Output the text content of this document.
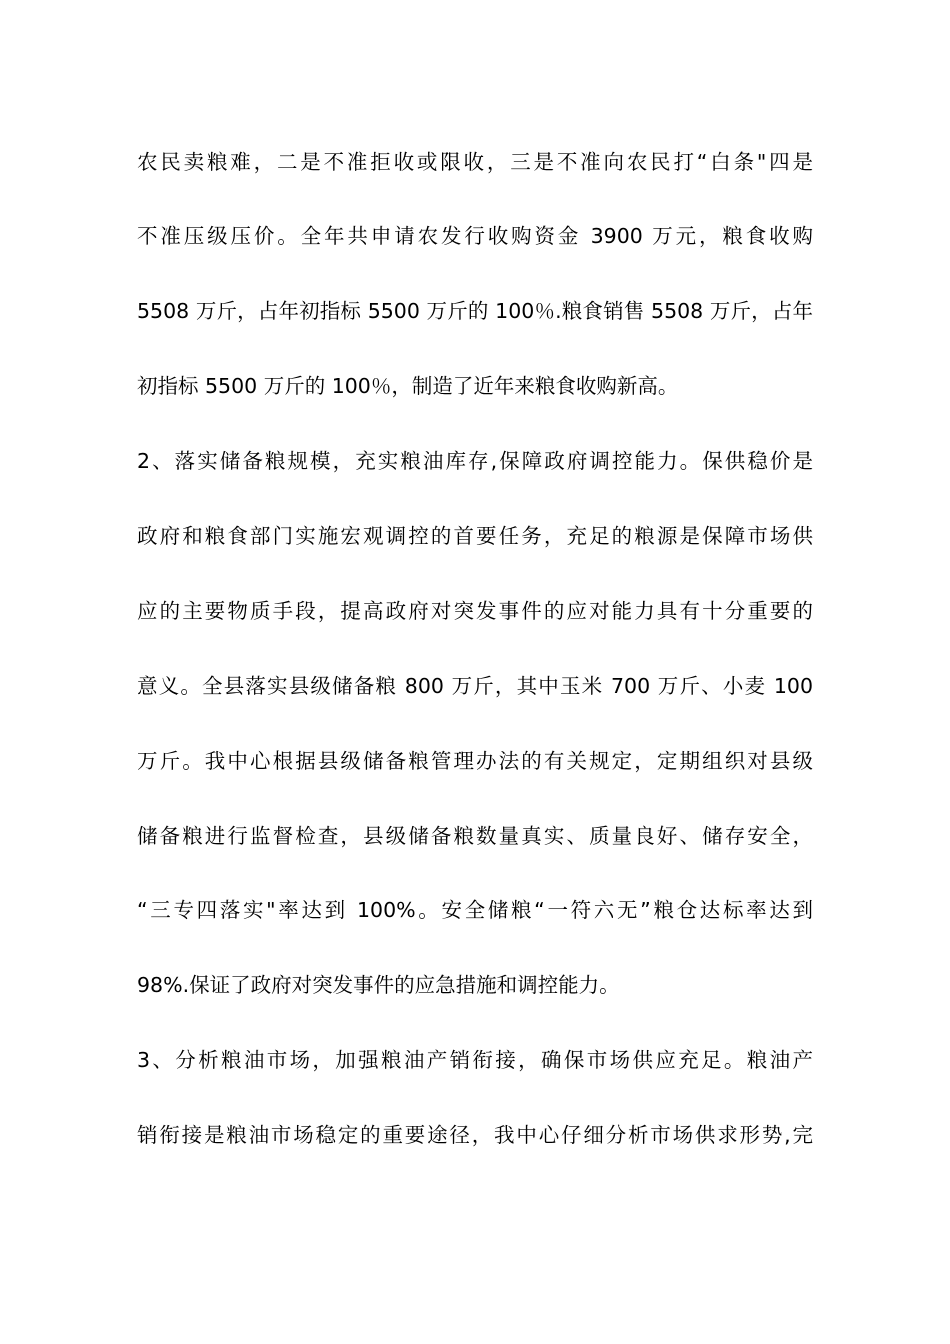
农民卖粮难，二是不准拒收或限收，三是不准向农民打“白条"四是
不准压级压价。全年共申请农发行收购资金 3900 万元，粮食收购
5508 万斤，占年初指标 5500 万斤的 100％.粮食销售 5508 万斤，占年
初指标 5500 万斤的 100％，制造了近年来粮食收购新高。
2、落实储备粮规模，充实粮油库存,保障政府调控能力。保供稳价是
政府和粮食部门实施宏观调控的首要任务，充足的粮源是保障市场供
应的主要物质手段，提高政府对突发事件的应对能力具有十分重要的
意义。全县落实县级储备粮 800 万斤，其中玉米 700 万斤、小麦 100
万斤。我中心根据县级储备粮管理办法的有关规定，定期组织对县级
储备粮进行监督检查，县级储备粮数量真实、质量良好、储存安全，
“三专四落实"率达到 100%。安全储粮“一符六无”粮仓达标率达到
98%.保证了政府对突发事件的应急措施和调控能力。
3、分析粮油市场，加强粮油产销衔接，确保市场供应充足。粮油产
销衔接是粮油市场稳定的重要途径，我中心仔细分析市场供求形势,完
